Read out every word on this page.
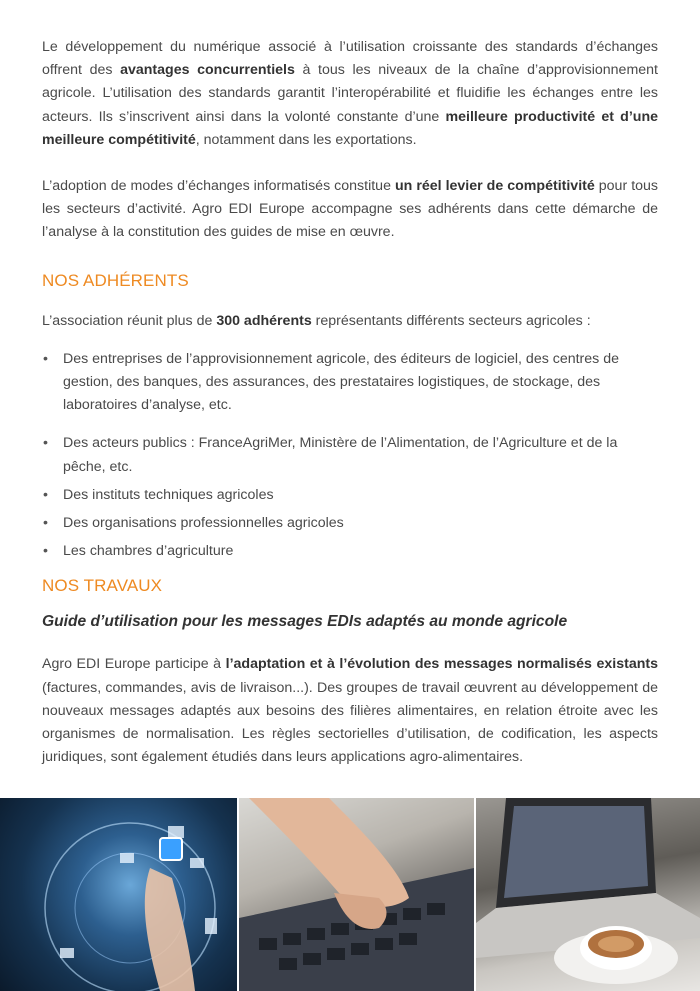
Le développement du numérique associé à l’utilisation croissante des standards d’échanges offrent des avantages concurrentiels à tous les niveaux de la chaîne d’approvisionnement agricole. L’utilisation des standards garantit l’interopérabilité et fluidifie les échanges entre les acteurs. Ils s’inscrivent ainsi dans la volonté constante d’une meilleure productivité et d’une meilleure compétitivité, notamment dans les exportations.

L’adoption de modes d’échanges informatisés constitue un réel levier de compétitivité pour tous les secteurs d’activité. Agro EDI Europe accompagne ses adhérents dans cette démarche de l’analyse à la constitution des guides de mise en œuvre.

NOS ADHÉRENTS

L’association réunit plus de 300 adhérents représentants différents secteurs agricoles :

• Des entreprises de l’approvisionnement agricole, des éditeurs de logiciel, des centres de gestion, des banques, des assurances, des prestataires logistiques, de stockage, des laboratoires d’analyse, etc.
• Des acteurs publics : FranceAgriMer, Ministère de l’Alimentation, de l’Agriculture et de la pêche, etc.
• Des instituts techniques agricoles
• Des organisations professionnelles agricoles
• Les chambres d’agriculture
NOS TRAVAUX
Guide d’utilisation pour les messages EDIs adaptés au monde agricole

Agro EDI Europe participe à l’adaptation et à l’évolution des messages normalisés existants (factures, commandes, avis de livraison...). Des groupes de travail œuvrent au développement de nouveaux messages adaptés aux besoins des filières alimentaires, en relation étroite avec les organismes de normalisation. Les règles sectorielles d’utilisation, de codification, les aspects juridiques, sont également étudiés dans leurs applications agro-alimentaires.
